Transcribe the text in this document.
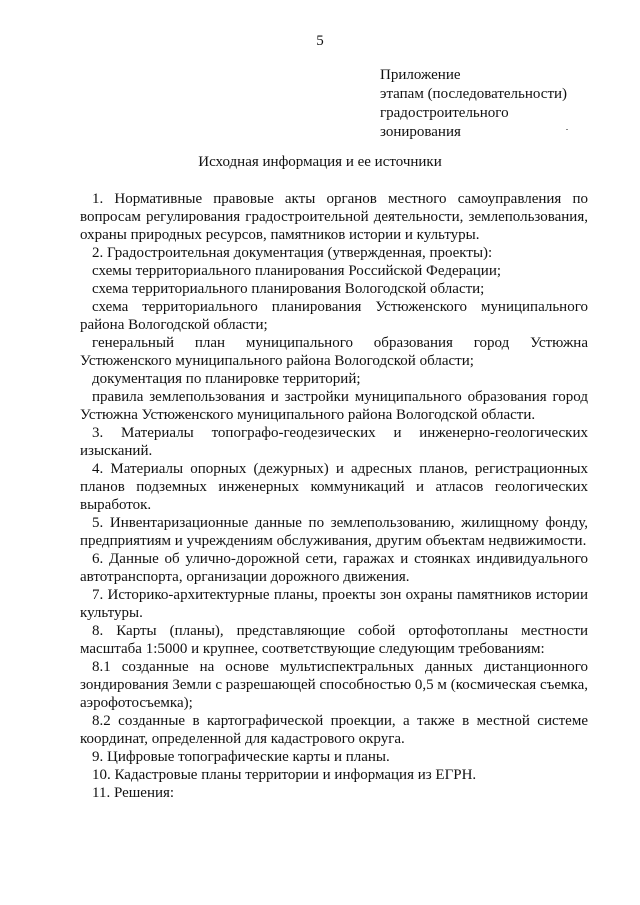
5
Приложение
этапам (последовательности)
градостроительного
зонирования
Исходная информация и ее источники

1. Нормативные правовые акты органов местного самоуправления по вопросам регулирования градостроительной деятельности, землепользования, охраны природных ресурсов, памятников истории и культуры.

2. Градостроительная документация (утвержденная, проекты):

схемы территориального планирования Российской Федерации;

схема территориального планирования Вологодской области;

схема территориального планирования Устюженского муниципального района Вологодской области;

генеральный план муниципального образования город Устюжна Устюженского муниципального района Вологодской области;

документация по планировке территорий;

правила землепользования и застройки муниципального образования город Устюжна Устюженского муниципального района Вологодской области.

3. Материалы топографо-геодезических и инженерно-геологических изысканий.

4. Материалы опорных (дежурных) и адресных планов, регистрационных планов подземных инженерных коммуникаций и атласов геологических выработок.

5. Инвентаризационные данные по землепользованию, жилищному фонду, предприятиям и учреждениям обслуживания, другим объектам недвижимости.

6. Данные об улично-дорожной сети, гаражах и стоянках индивидуального автотранспорта, организации дорожного движения.

7. Историко-архитектурные планы, проекты зон охраны памятников истории культуры.

8. Карты (планы), представляющие собой ортофотопланы местности масштаба 1:5000 и крупнее, соответствующие следующим требованиям:

8.1 созданные на основе мультиспектральных данных дистанционного зондирования Земли с разрешающей способностью 0,5 м (космическая съемка, аэрофотосъемка);

8.2 созданные в картографической проекции, а также в местной системе координат, определенной для кадастрового округа.

9. Цифровые топографические карты и планы.

10. Кадастровые планы территории и информация из ЕГРН.

11. Решения:
